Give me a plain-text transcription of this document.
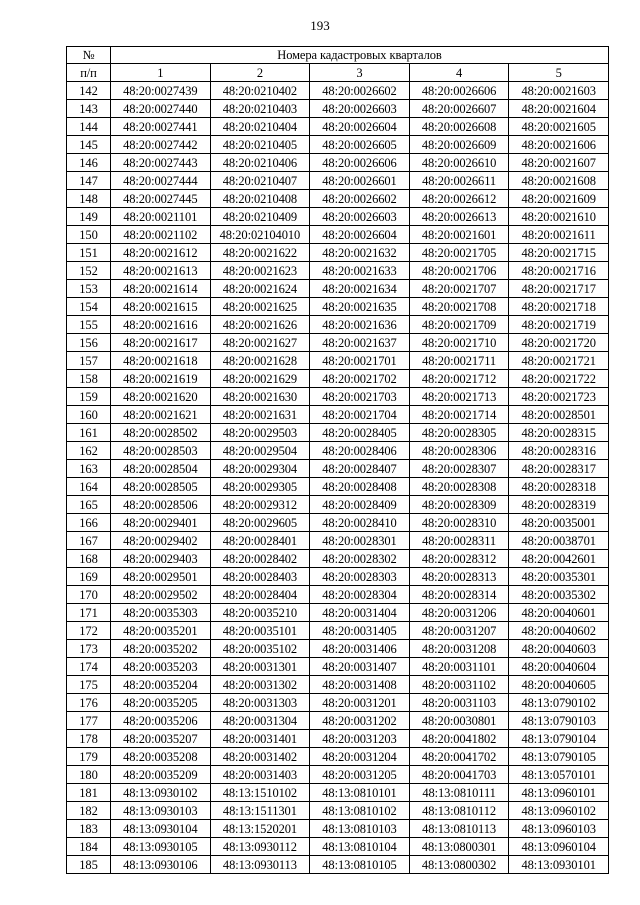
193
№	Номера кадастровых кварталов				
п/п	1	2	3	4	5
142	48:20:0027439	48:20:0210402	48:20:0026602	48:20:0026606	48:20:0021603
143	48:20:0027440	48:20:0210403	48:20:0026603	48:20:0026607	48:20:0021604
144	48:20:0027441	48:20:0210404	48:20:0026604	48:20:0026608	48:20:0021605
145	48:20:0027442	48:20:0210405	48:20:0026605	48:20:0026609	48:20:0021606
146	48:20:0027443	48:20:0210406	48:20:0026606	48:20:0026610	48:20:0021607
147	48:20:0027444	48:20:0210407	48:20:0026601	48:20:0026611	48:20:0021608
148	48:20:0027445	48:20:0210408	48:20:0026602	48:20:0026612	48:20:0021609
149	48:20:0021101	48:20:0210409	48:20:0026603	48:20:0026613	48:20:0021610
150	48:20:0021102	48:20:02104010	48:20:0026604	48:20:0021601	48:20:0021611
151	48:20:0021612	48:20:0021622	48:20:0021632	48:20:0021705	48:20:0021715
152	48:20:0021613	48:20:0021623	48:20:0021633	48:20:0021706	48:20:0021716
153	48:20:0021614	48:20:0021624	48:20:0021634	48:20:0021707	48:20:0021717
154	48:20:0021615	48:20:0021625	48:20:0021635	48:20:0021708	48:20:0021718
155	48:20:0021616	48:20:0021626	48:20:0021636	48:20:0021709	48:20:0021719
156	48:20:0021617	48:20:0021627	48:20:0021637	48:20:0021710	48:20:0021720
157	48:20:0021618	48:20:0021628	48:20:0021701	48:20:0021711	48:20:0021721
158	48:20:0021619	48:20:0021629	48:20:0021702	48:20:0021712	48:20:0021722
159	48:20:0021620	48:20:0021630	48:20:0021703	48:20:0021713	48:20:0021723
160	48:20:0021621	48:20:0021631	48:20:0021704	48:20:0021714	48:20:0028501
161	48:20:0028502	48:20:0029503	48:20:0028405	48:20:0028305	48:20:0028315
162	48:20:0028503	48:20:0029504	48:20:0028406	48:20:0028306	48:20:0028316
163	48:20:0028504	48:20:0029304	48:20:0028407	48:20:0028307	48:20:0028317
164	48:20:0028505	48:20:0029305	48:20:0028408	48:20:0028308	48:20:0028318
165	48:20:0028506	48:20:0029312	48:20:0028409	48:20:0028309	48:20:0028319
166	48:20:0029401	48:20:0029605	48:20:0028410	48:20:0028310	48:20:0035001
167	48:20:0029402	48:20:0028401	48:20:0028301	48:20:0028311	48:20:0038701
168	48:20:0029403	48:20:0028402	48:20:0028302	48:20:0028312	48:20:0042601
169	48:20:0029501	48:20:0028403	48:20:0028303	48:20:0028313	48:20:0035301
170	48:20:0029502	48:20:0028404	48:20:0028304	48:20:0028314	48:20:0035302
171	48:20:0035303	48:20:0035210	48:20:0031404	48:20:0031206	48:20:0040601
172	48:20:0035201	48:20:0035101	48:20:0031405	48:20:0031207	48:20:0040602
173	48:20:0035202	48:20:0035102	48:20:0031406	48:20:0031208	48:20:0040603
174	48:20:0035203	48:20:0031301	48:20:0031407	48:20:0031101	48:20:0040604
175	48:20:0035204	48:20:0031302	48:20:0031408	48:20:0031102	48:20:0040605
176	48:20:0035205	48:20:0031303	48:20:0031201	48:20:0031103	48:13:0790102
177	48:20:0035206	48:20:0031304	48:20:0031202	48:20:0030801	48:13:0790103
178	48:20:0035207	48:20:0031401	48:20:0031203	48:20:0041802	48:13:0790104
179	48:20:0035208	48:20:0031402	48:20:0031204	48:20:0041702	48:13:0790105
180	48:20:0035209	48:20:0031403	48:20:0031205	48:20:0041703	48:13:0570101
181	48:13:0930102	48:13:1510102	48:13:0810101	48:13:0810111	48:13:0960101
182	48:13:0930103	48:13:1511301	48:13:0810102	48:13:0810112	48:13:0960102
183	48:13:0930104	48:13:1520201	48:13:0810103	48:13:0810113	48:13:0960103
184	48:13:0930105	48:13:0930112	48:13:0810104	48:13:0800301	48:13:0960104
185	48:13:0930106	48:13:0930113	48:13:0810105	48:13:0800302	48:13:0930101
